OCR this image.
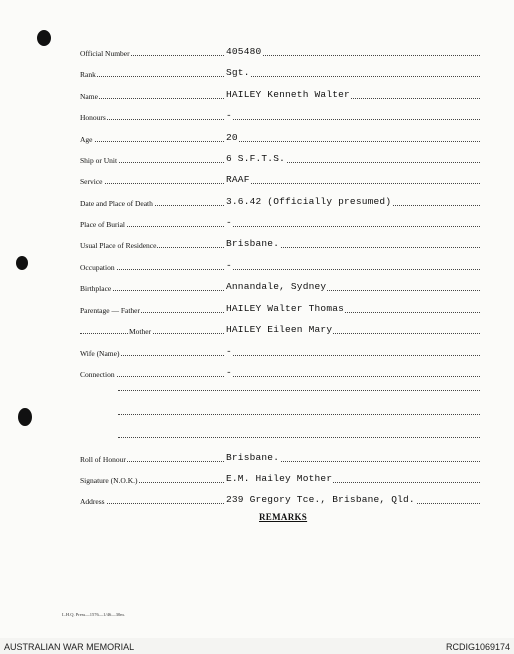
Official Number	405480
Rank	Sgt.
Name	HAILEY Kenneth Walter
Honours	-
Age	20
Ship or Unit	6 S.F.T.S.
Service	RAAF
Date and Place of Death	3.6.42 (Officially presumed)
Place of Burial	-
Usual Place of Residence	Brisbane.
Occupation	-
Birthplace	Annandale, Sydney
Parentage — Father	HAILEY Walter Thomas
Mother	HAILEY Eileen Mary
Wife (Name)	-
Connection	-
Roll of Honour	Brisbane.
Signature (N.O.K.)	E.M. Hailey Mother
Address	239 Gregory Tce., Brisbane, Qld.
REMARKS
L.H.Q. Press—1576—1/46—30m.
AUSTRALIAN WAR MEMORIAL	RCDIG1069174
